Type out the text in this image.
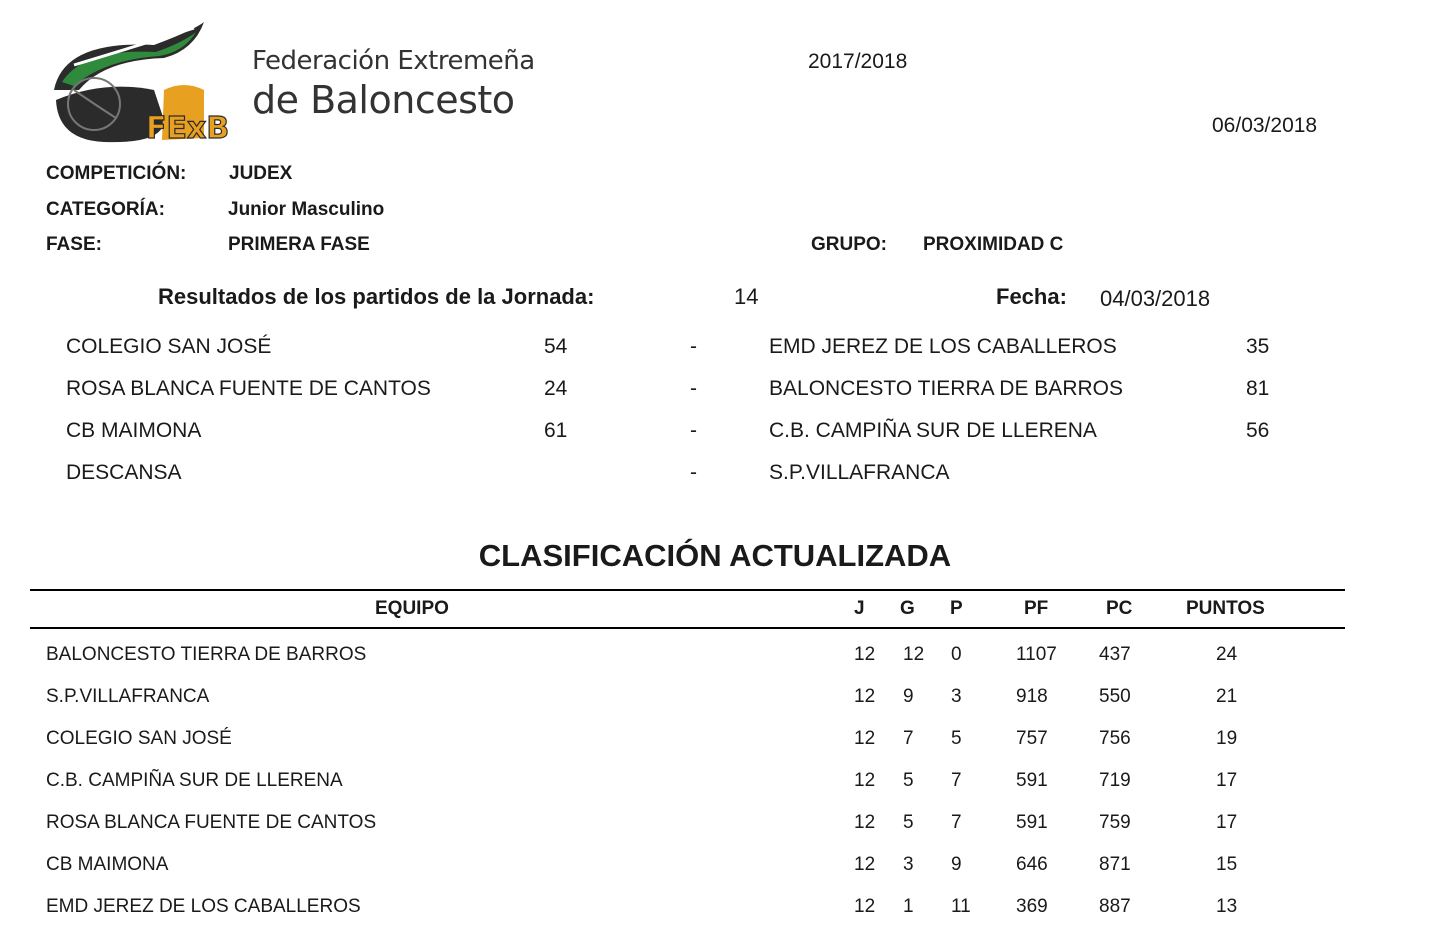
FExB
Federación Extremeña
de Baloncesto
2017/2018
06/03/2018
COMPETICIÓN: JUDEX
CATEGORÍA:	Junior Masculino
FASE:	PRIMERA FASE	GRUPO: PROXIMIDAD C
Resultados de los partidos de la Jornada:	14	Fecha: 04/03/2018
COLEGIO SAN JOSÉ	54	-	EMD JEREZ DE LOS CABALLEROS	35
ROSA BLANCA FUENTE DE CANTOS	24	-	BALONCESTO TIERRA DE BARROS	81
CB MAIMONA	61	-	C.B. CAMPIÑA SUR DE LLERENA	56
DESCANSA	-	S.P.VILLAFRANCA
CLASIFICACIÓN ACTUALIZADA
EQUIPO	J G P	PF	PC	PUNTOS
BALONCESTO TIERRA DE BARROS	12 12 0	1107 437	24
S.P.VILLAFRANCA	12 9 3	918	550	21
COLEGIO SAN JOSÉ	12 7 5	757	756	19
C.B. CAMPIÑA SUR DE LLERENA	12 5 7	591	719	17
ROSA BLANCA FUENTE DE CANTOS	12 5 7	591	759	17
CB MAIMONA	12 3 9	646	871	15
EMD JEREZ DE LOS CABALLEROS	12 1 11 369	887	13
